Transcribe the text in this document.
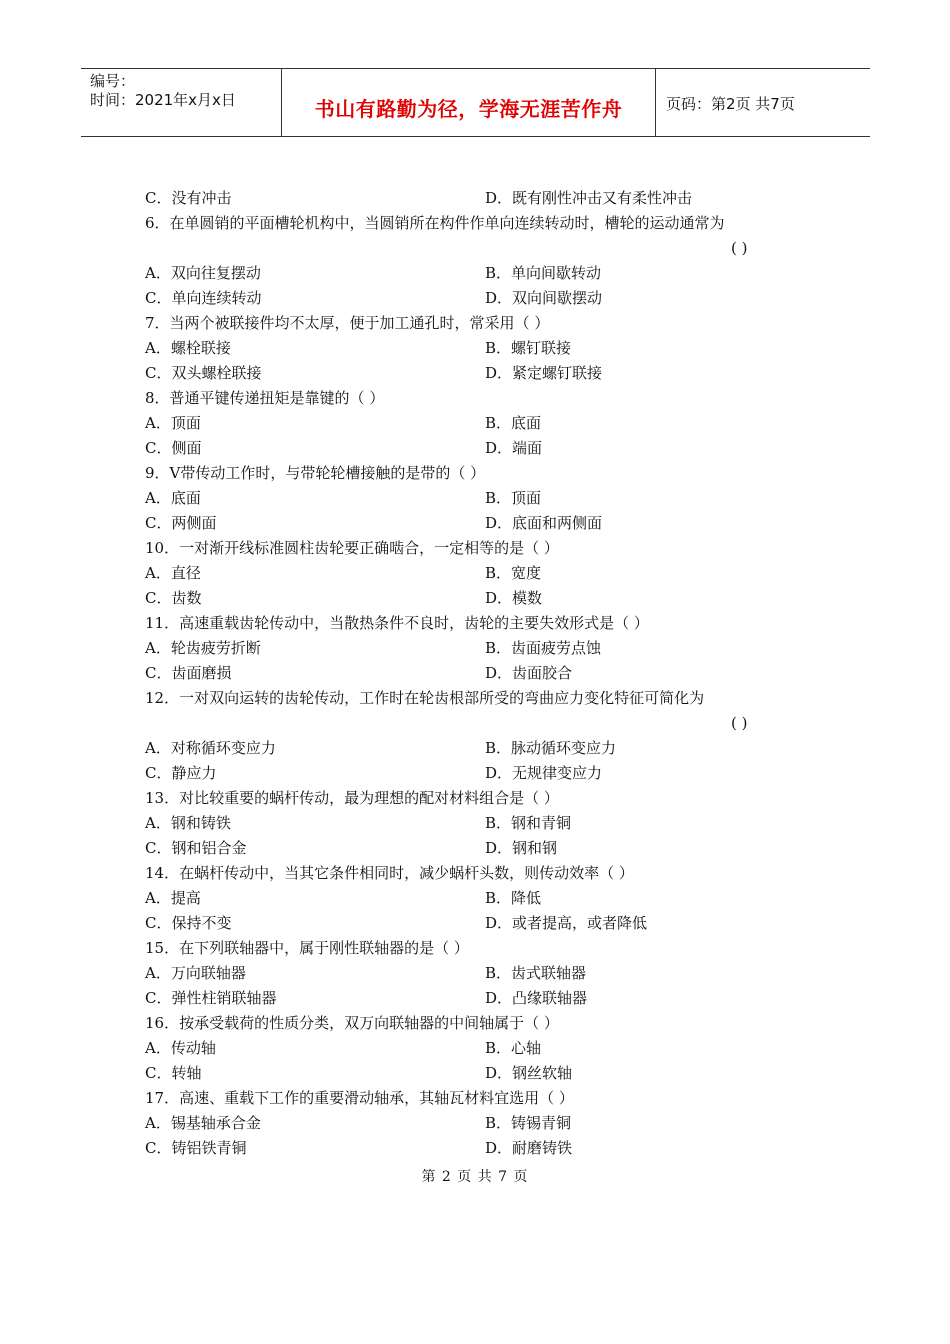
编号：
时间：2021年x月x日	书山有路勤为径，学海无涯苦作舟	页码：第2页 共7页
C．没有冲击	D．既有刚性冲击又有柔性冲击
6．在单圆销的平面槽轮机构中，当圆销所在构件作单向连续转动时，槽轮的运动通常为
( )
A．双向往复摆动	B．单向间歇转动
C．单向连续转动	D．双向间歇摆动
7．当两个被联接件均不太厚，便于加工通孔时，常采用（ ）
A．螺栓联接	B．螺钉联接
C．双头螺栓联接	D．紧定螺钉联接
8．普通平键传递扭矩是靠键的（ ）
A．顶面	B．底面
C．侧面	D．端面
9．V带传动工作时，与带轮轮槽接触的是带的（ ）
A．底面	B．顶面
C．两侧面	D．底面和两侧面
10．一对渐开线标准圆柱齿轮要正确啮合，一定相等的是（ ）
A．直径	B．宽度
C．齿数	D．模数
11．高速重载齿轮传动中，当散热条件不良时，齿轮的主要失效形式是（ ）
A．轮齿疲劳折断	B．齿面疲劳点蚀
C．齿面磨损	D．齿面胶合
12．一对双向运转的齿轮传动，工作时在轮齿根部所受的弯曲应力变化特征可简化为
( )
A．对称循环变应力	B．脉动循环变应力
C．静应力	D．无规律变应力
13．对比较重要的蜗杆传动，最为理想的配对材料组合是（ ）
A．钢和铸铁	B．钢和青铜
C．钢和铝合金	D．钢和钢
14．在蜗杆传动中，当其它条件相同时，减少蜗杆头数，则传动效率（ ）
A．提高	B．降低
C．保持不变	D．或者提高，或者降低
15．在下列联轴器中，属于刚性联轴器的是（ ）
A．万向联轴器	B．齿式联轴器
C．弹性柱销联轴器	D．凸缘联轴器
16．按承受载荷的性质分类，双万向联轴器的中间轴属于（ ）
A．传动轴	B．心轴
C．转轴	D．钢丝软轴
17．高速、重载下工作的重要滑动轴承，其轴瓦材料宜选用（ ）
A．锡基轴承合金	B．铸锡青铜
C．铸铝铁青铜	D．耐磨铸铁
第 2 页 共 7 页
